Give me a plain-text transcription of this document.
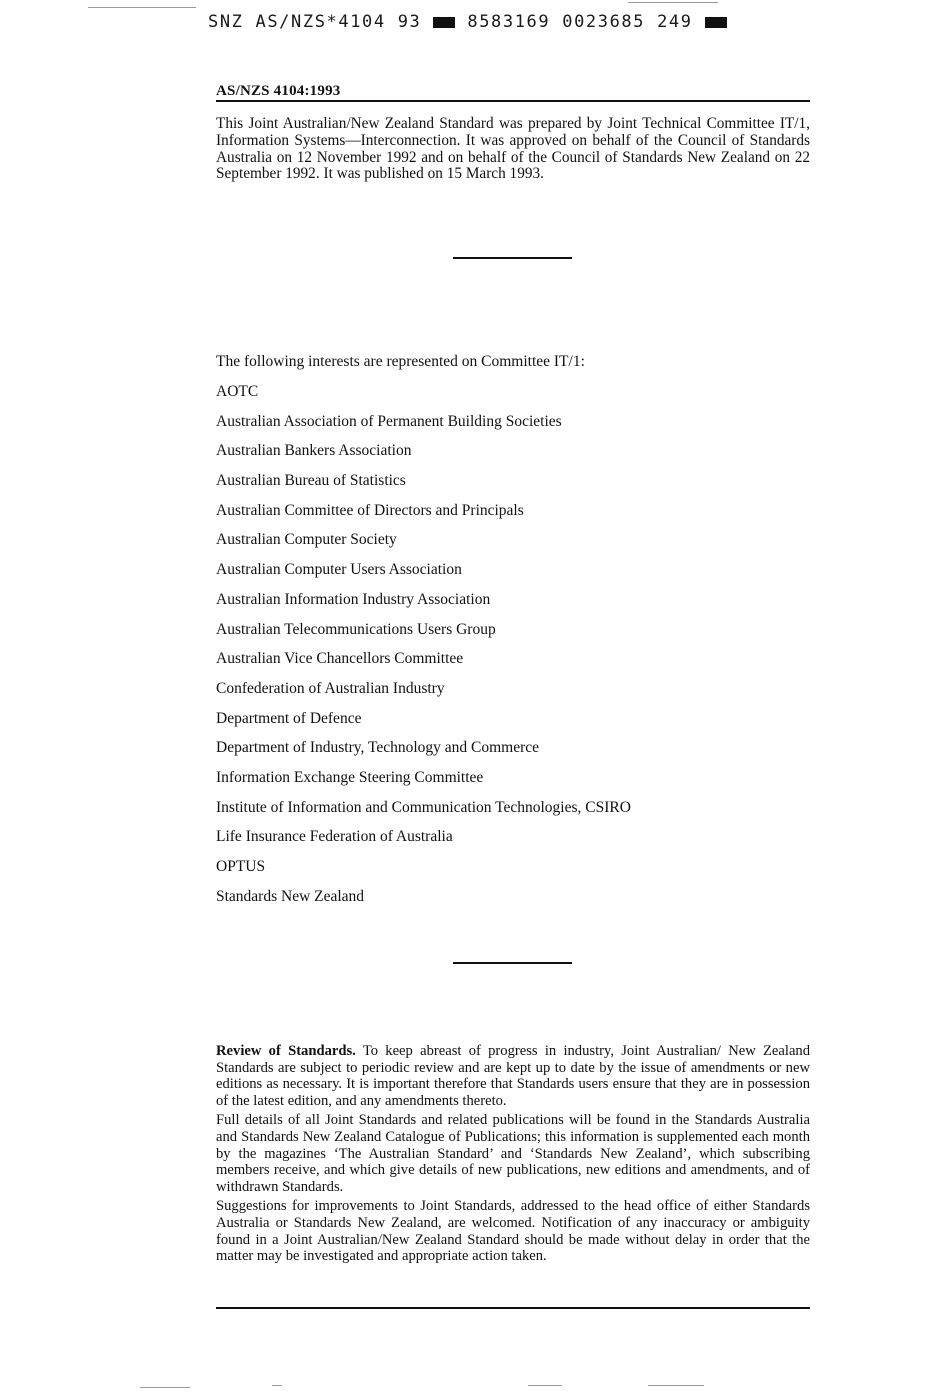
SNZ AS/NZS*4104 93	8583169 0023685 249
AS/NZS 4104:1993

This Joint Australian/New Zealand Standard was prepared by Joint Technical Committee IT/1, Information Systems—Interconnection. It was approved on behalf of the Council of Standards Australia on 12 November 1992 and on behalf of the Council of Standards New Zealand on 22 September 1992. It was published on 15 March 1993.

The following interests are represented on Committee IT/1:

AOTC
Australian Association of Permanent Building Societies
Australian Bankers Association
Australian Bureau of Statistics
Australian Committee of Directors and Principals
Australian Computer Society
Australian Computer Users Association
Australian Information Industry Association
Australian Telecommunications Users Group
Australian Vice Chancellors Committee
Confederation of Australian Industry
Department of Defence
Department of Industry, Technology and Commerce
Information Exchange Steering Committee
Institute of Information and Communication Technologies, CSIRO
Life Insurance Federation of Australia
OPTUS
Standards New Zealand

Review of Standards. To keep abreast of progress in industry, Joint Australian/ New Zealand Standards are subject to periodic review and are kept up to date by the issue of amendments or new editions as necessary. It is important therefore that Standards users ensure that they are in possession of the latest edition, and any amendments thereto.

Full details of all Joint Standards and related publications will be found in the Standards Australia and Standards New Zealand Catalogue of Publications; this information is supplemented each month by the magazines ‘The Australian Standard’ and ‘Standards New Zealand’, which subscribing members receive, and which give details of new publications, new editions and amendments, and of withdrawn Standards.

Suggestions for improvements to Joint Standards, addressed to the head office of either Standards Australia or Standards New Zealand, are welcomed. Notification of any inaccuracy or ambiguity found in a Joint Australian/New Zealand Standard should be made without delay in order that the matter may be investigated and appropriate action taken.
